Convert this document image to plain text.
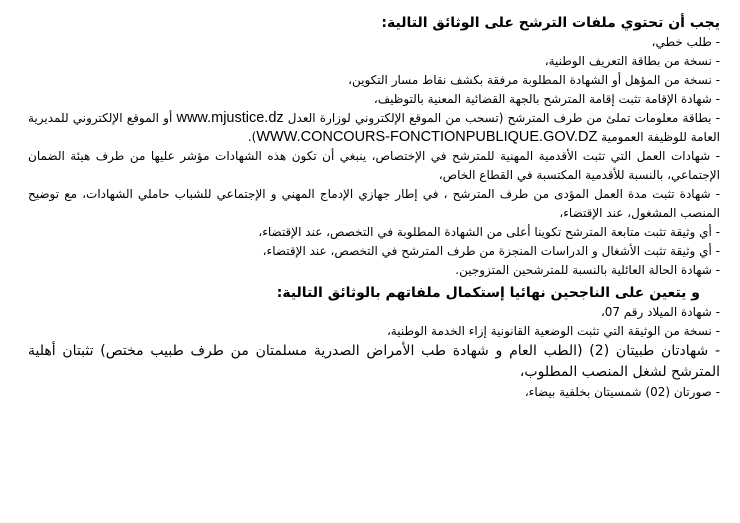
يجب أن تحتوي ملفات الترشح على الوثائق التالية:

- طلب خطي،
- نسخة من بطاقة التعريف الوطنية،
- نسخة من المؤهل أو الشهادة المطلوبة مرفقة بكشف نقاط مسار التكوين،
- شهادة الإقامة تثبت إقامة المترشح بالجهة القضائية المعنية بالتوظيف،
- بطاقة معلومات تملئ من طرف المترشح (تسحب من الموقع الإلكتروني لوزارة العدل www.mjustice.dz أو الموقع الإلكتروني للمديرية العامة للوظيفة العمومية WWW.CONCOURS-FONCTIONPUBLIQUE.GOV.DZ).
- شهادات العمل التي تثبت الأقدمية المهنية للمترشح في الإختصاص، ينبغي أن تكون هذه الشهادات مؤشر عليها من طرف هيئة الضمان الإجتماعي، بالنسبة للأقدمية المكتسبة في القطاع الخاص،
- شهادة تثبت مدة العمل المؤدى من طرف المترشح ، في إطار جهازي الإدماج المهني و الإجتماعي للشباب حاملي الشهادات، مع توضيح المنصب المشغول، عند الإقتضاء،
- أي وثيقة تثبت متابعة المترشح تكوينا أعلى من الشهادة المطلوبة في التخصص، عند الإقتضاء،
- أي وثيقة تثبت الأشغال و الدراسات المنجزة من طرف المترشح في التخصص، عند الإقتضاء،
- شهادة الحالة العائلية بالنسبة للمترشحين المتزوجين.

و يتعين على الناجحين نهائيا إستكمال ملفاتهم بالوثائق التالية:

- شهادة الميلاد رقم 07،
- نسخة من الوثيقة التي تثبت الوضعية القانونية إزاء الخدمة الوطنية،
- شهادتان طبيتان (2) (الطب العام و شهادة طب الأمراض الصدرية مسلمتان من طرف طبيب مختص) تثبتان أهلية المترشح لشغل المنصب المطلوب،
- صورتان (02) شمسيتان بخلفية بيضاء،
